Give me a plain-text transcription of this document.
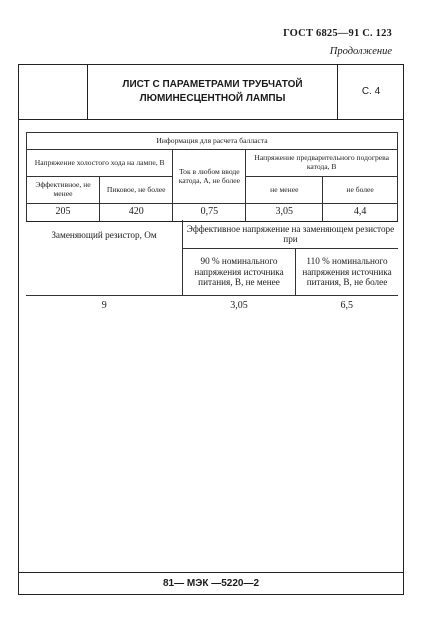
ГОСТ 6825—91 С. 123
Продолжение
ЛИСТ С ПАРАМЕТРАМИ ТРУБЧАТОЙ
ЛЮМИНЕСЦЕНТНОЙ ЛАМПЫ
С. 4
Информация для расчета балласта				
Напряжение холостого хода на лампе, В		Ток в любом вводе катода, А, не более	Напряжение предварительного подогрева катода, В	
Эффективное, не менее	Пиковое, не более		не менее	не более
205	420	0,75	3,05	4,4
Заменяющий резистор, Ом	Эффективное напряжение на заменяющем резисторе при	
	90 % номинального напряжения источника питания, В, не менее	110 % номинального напряжения источника питания, В, не более
9	3,05	6,5
81— МЭК —5220—2
